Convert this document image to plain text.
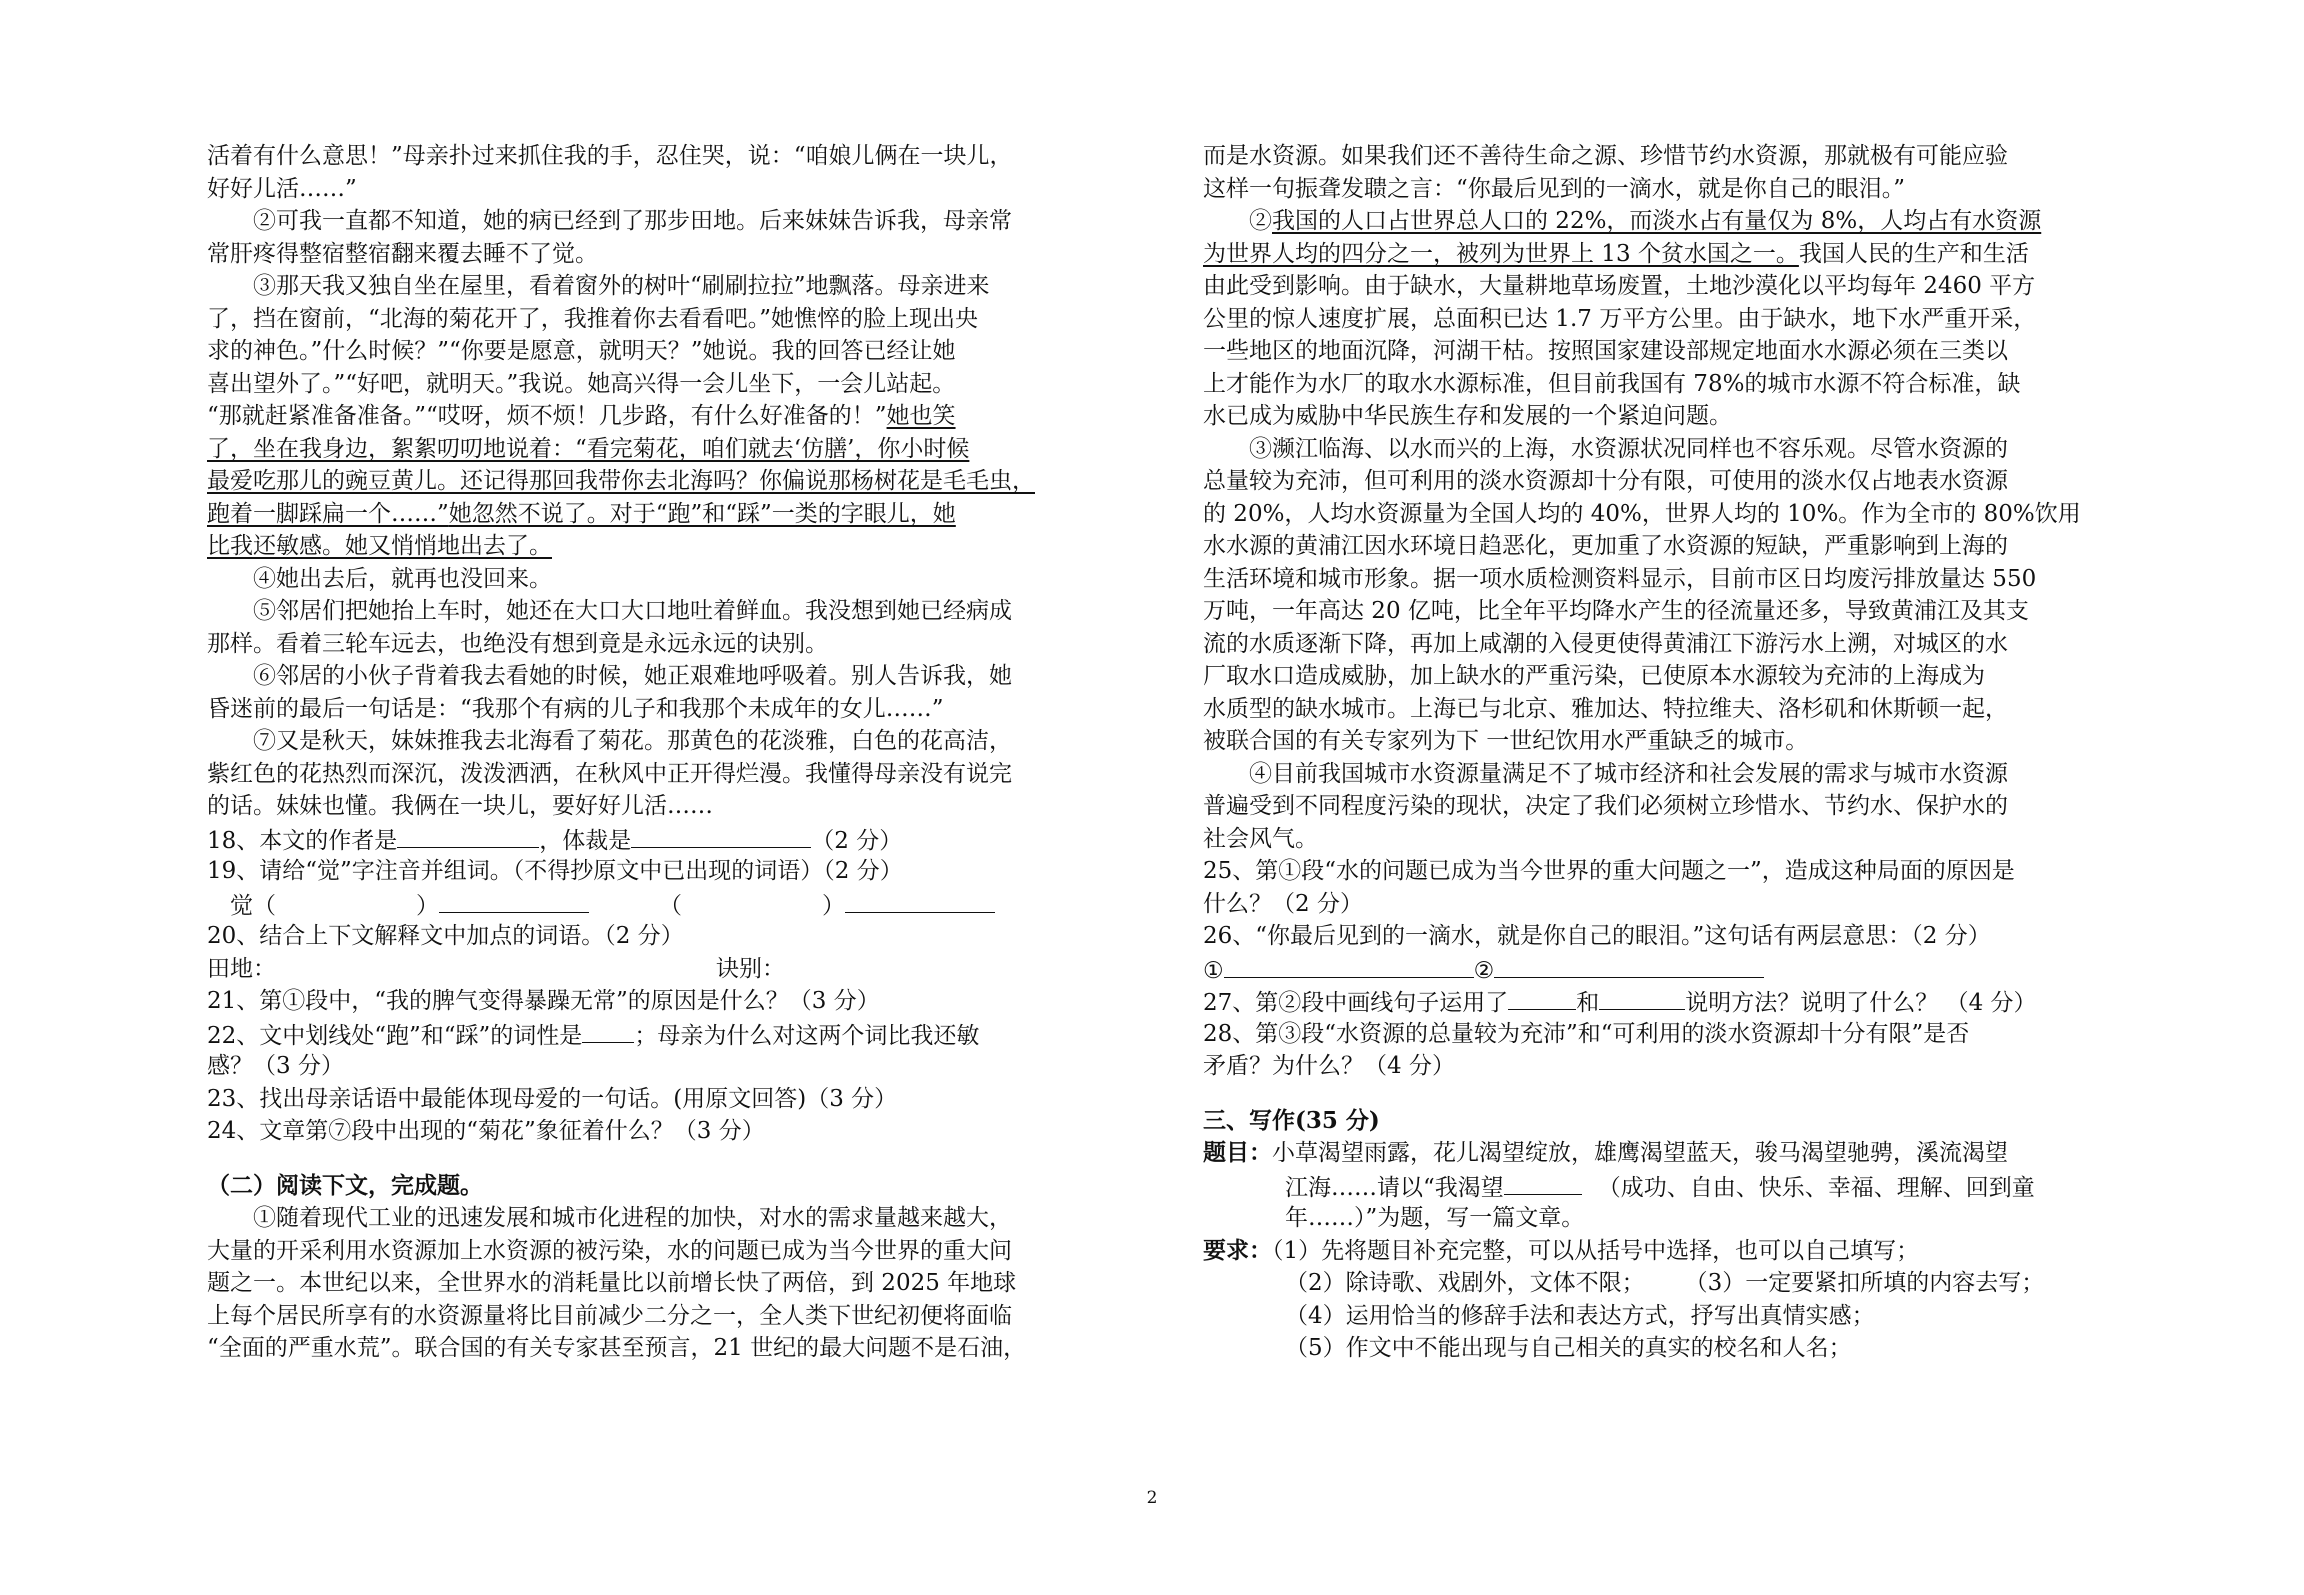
活着有什么意思！”母亲扑过来抓住我的手，忍住哭，说：“咱娘儿俩在一块儿，
好好儿活……”
②可我一直都不知道，她的病已经到了那步田地。后来妹妹告诉我，母亲常
常肝疼得整宿整宿翻来覆去睡不了觉。
③那天我又独自坐在屋里，看着窗外的树叶“刷刷拉拉”地飘落。母亲进来
了，挡在窗前，“北海的菊花开了，我推着你去看看吧。”她憔悴的脸上现出央
求的神色。”什么时候？”“你要是愿意，就明天？”她说。我的回答已经让她
喜出望外了。”“好吧，就明天。”我说。她高兴得一会儿坐下，一会儿站起。
“那就赶紧准备准备。”“哎呀，烦不烦！几步路，有什么好准备的！”她也笑
了，坐在我身边，絮絮叨叨地说着：“看完菊花，咱们就去‘仿膳’，你小时候
最爱吃那儿的豌豆黄儿。还记得那回我带你去北海吗？你偏说那杨树花是毛毛虫，
跑着一脚踩扁一个……”她忽然不说了。对于“跑”和“踩”一类的字眼儿，她
比我还敏感。她又悄悄地出去了。
④她出去后，就再也没回来。
⑤邻居们把她抬上车时，她还在大口大口地吐着鲜血。我没想到她已经病成
那样。看着三轮车远去，也绝没有想到竟是永远永远的诀别。
⑥邻居的小伙子背着我去看她的时候，她正艰难地呼吸着。别人告诉我，她
昏迷前的最后一句话是：“我那个有病的儿子和我那个未成年的女儿……”
⑦又是秋天，妹妹推我去北海看了菊花。那黄色的花淡雅，白色的花高洁，
紫红色的花热烈而深沉，泼泼洒洒，在秋风中正开得烂漫。我懂得母亲没有说完
的话。妹妹也懂。我俩在一块儿，要好好儿活……
18、本文的作者是	，体裁是	（2 分）
19、请给“觉”字注音并组词。（不得抄原文中已出现的词语）（2 分）
觉（	）	（	）
20、结合上下文解释文中加点的词语。（2 分）
田地：	诀别：
21、第①段中，“我的脾气变得暴躁无常”的原因是什么？（3 分）
22、文中划线处“跑”和“踩”的词性是 ；母亲为什么对这两个词比我还敏
感？（3 分）
23、找出母亲话语中最能体现母爱的一句话。(用原文回答)（3 分）
24、文章第⑦段中出现的“菊花”象征着什么？（3 分）
（二）阅读下文，完成题。
①随着现代工业的迅速发展和城市化进程的加快，对水的需求量越来越大，
大量的开采利用水资源加上水资源的被污染，水的问题已成为当今世界的重大问
题之一。本世纪以来，全世界水的消耗量比以前增长快了两倍，到 2025 年地球
上每个居民所享有的水资源量将比目前减少二分之一，全人类下世纪初便将面临
“全面的严重水荒”。联合国的有关专家甚至预言，21 世纪的最大问题不是石油，
而是水资源。如果我们还不善待生命之源、珍惜节约水资源，那就极有可能应验
这样一句振聋发聩之言：“你最后见到的一滴水，就是你自己的眼泪。”
②我国的人口占世界总人口的 22%，而淡水占有量仅为 8%，人均占有水资源
为世界人均的四分之一，被列为世界上 13 个贫水国之一。我国人民的生产和生活
由此受到影响。由于缺水，大量耕地草场废置，土地沙漠化以平均每年 2460 平方
公里的惊人速度扩展，总面积已达 1.7 万平方公里。由于缺水，地下水严重开采，
一些地区的地面沉降，河湖干枯。按照国家建设部规定地面水水源必须在三类以
上才能作为水厂的取水水源标准，但目前我国有 78%的城市水源不符合标准，缺
水已成为威胁中华民族生存和发展的一个紧迫问题。
③濒江临海、以水而兴的上海，水资源状况同样也不容乐观。尽管水资源的
总量较为充沛，但可利用的淡水资源却十分有限，可使用的淡水仅占地表水资源
的 20%，人均水资源量为全国人均的 40%，世界人均的 10%。作为全市的 80%饮用
水水源的黄浦江因水环境日趋恶化，更加重了水资源的短缺，严重影响到上海的
生活环境和城市形象。据一项水质检测资料显示，目前市区日均废污排放量达 550
万吨，一年高达 20 亿吨，比全年平均降水产生的径流量还多，导致黄浦江及其支
流的水质逐渐下降，再加上咸潮的入侵更使得黄浦江下游污水上溯，对城区的水
厂取水口造成威胁，加上缺水的严重污染，已使原本水源较为充沛的上海成为
水质型的缺水城市。上海已与北京、雅加达、特拉维夫、洛杉矶和休斯顿一起，
被联合国的有关专家列为下 一世纪饮用水严重缺乏的城市。
④目前我国城市水资源量满足不了城市经济和社会发展的需求与城市水资源
普遍受到不同程度污染的现状，决定了我们必须树立珍惜水、节约水、保护水的
社会风气。
25、第①段“水的问题已成为当今世界的重大问题之一”，造成这种局面的原因是
什么？（2 分）
26、“你最后见到的一滴水，就是你自己的眼泪。”这句话有两层意思：（2 分）
①	②
27、第②段中画线句子运用了	和	说明方法？说明了什么？ （4 分）
28、第③段“水资源的总量较为充沛”和“可利用的淡水资源却十分有限”是否
矛盾？为什么？（4 分）
三、写作(35 分)
题目：小草渴望雨露，花儿渴望绽放，雄鹰渴望蓝天，骏马渴望驰骋，溪流渴望
江海……请以“我渴望	（成功、自由、快乐、幸福、理解、回到童
年……）”为题，写一篇文章。
要求：（1）先将题目补充完整，可以从括号中选择，也可以自己填写；
（2）除诗歌、戏剧外，文体不限； （3）一定要紧扣所填的内容去写；
（4）运用恰当的修辞手法和表达方式，抒写出真情实感；
（5）作文中不能出现与自己相关的真实的校名和人名；
2
